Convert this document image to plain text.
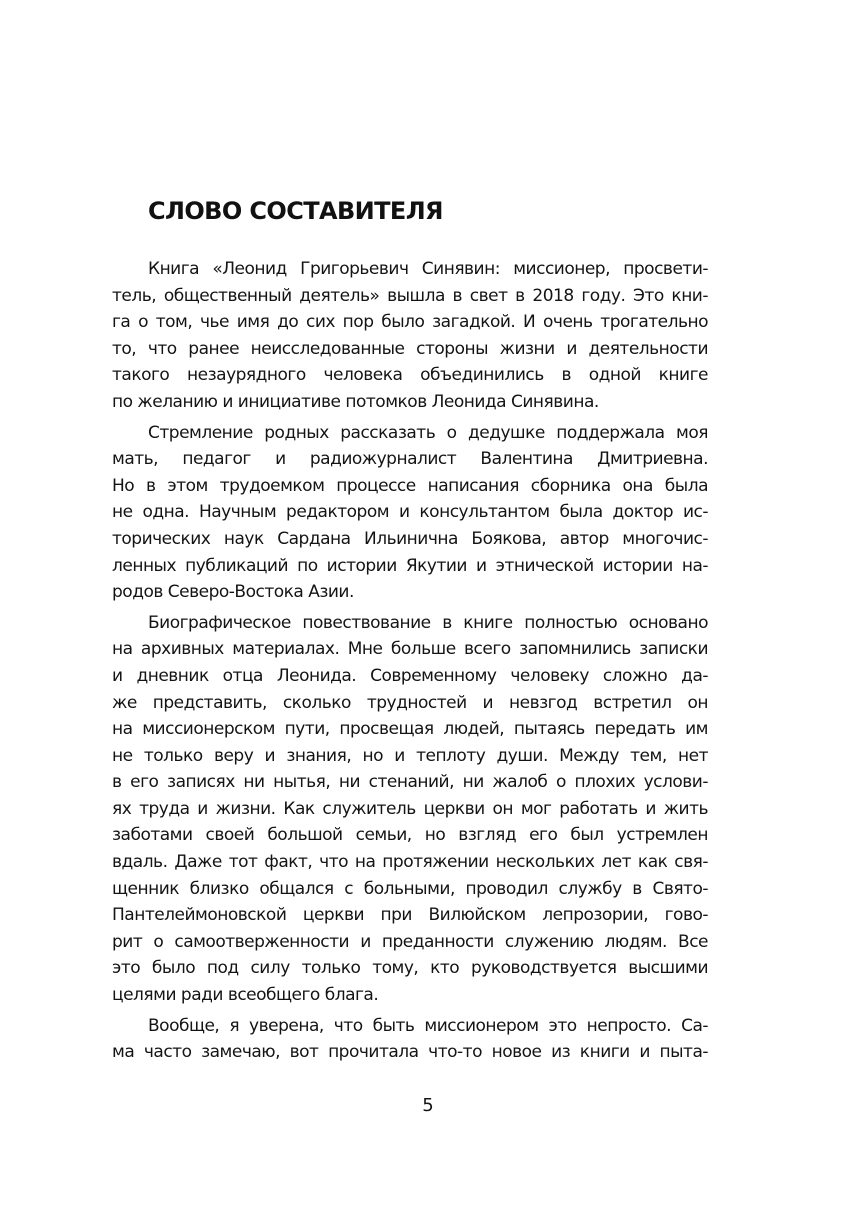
СЛОВО СОСТАВИТЕЛЯ

Книга «Леонид Григорьевич Синявин: миссионер, просвети-
тель, общественный деятель» вышла в свет в 2018 году. Это кни-
га о том, чье имя до сих пор было загадкой. И очень трогательно
то, что ранее неисследованные стороны жизни и деятельности
такого незаурядного человека объединились в одной книге
по желанию и инициативе потомков Леонида Синявина.

Стремление родных рассказать о дедушке поддержала моя
мать, педагог и радиожурналист Валентина Дмитриевна.
Но в этом трудоемком процессе написания сборника она была
не одна. Научным редактором и консультантом была доктор ис-
торических наук Сардана Ильинична Боякова, автор многочис-
ленных публикаций по истории Якутии и этнической истории на-
родов Северо-Востока Азии.

Биографическое повествование в книге полностью основано
на архивных материалах. Мне больше всего запомнились записки
и дневник отца Леонида. Современному человеку сложно да-
же представить, сколько трудностей и невзгод встретил он
на миссионерском пути, просвещая людей, пытаясь передать им
не только веру и знания, но и теплоту души. Между тем, нет
в его записях ни нытья, ни стенаний, ни жалоб о плохих услови-
ях труда и жизни. Как служитель церкви он мог работать и жить
заботами своей большой семьи, но взгляд его был устремлен
вдаль. Даже тот факт, что на протяжении нескольких лет как свя-
щенник близко общался с больными, проводил службу в Свято-
Пантелеймоновской церкви при Вилюйском лепрозории, гово-
рит о самоотверженности и преданности служению людям. Все
это было под силу только тому, кто руководствуется высшими
целями ради всеобщего блага.

Вообще, я уверена, что быть миссионером это непросто. Са-
ма часто замечаю, вот прочитала что-то новое из книги и пыта-

5
